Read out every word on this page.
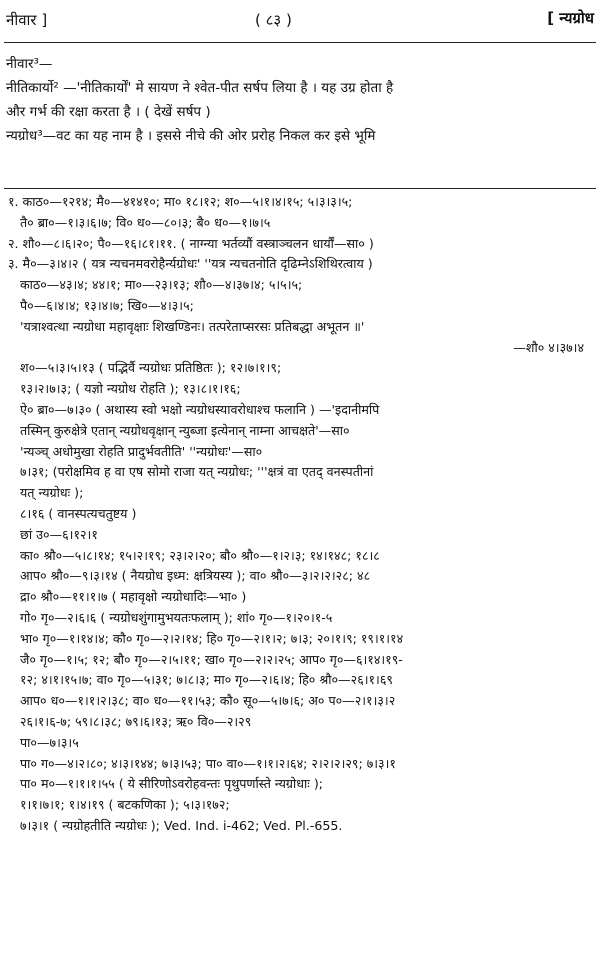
नीवार ]	( ८३ )	[ न्यग्रोध
नीवार³—
नीतिकार्यो² —'नीतिकार्यों' मे सायण ने श्वेत-पीत सर्षप लिया है । यह उग्र होता है
और गर्भ की रक्षा करता है । ( देखें सर्षप )
न्यग्रोध³—वट का यह नाम है । इससे नीचे की ओर प्ररोह निकल कर इसे भूमि
१. काठ०—१२१४; मै०—४१४१०; मा० १८।१२; श०—५।१।४।१५; ५।३।३।५;
तै० ब्रा०—१।३।६।७; वि० ध०—८०।३; बै० ध०—१।७।५
२. शौ०—८।६।२०; पै०—१६।८१।११. ( नाग्न्या भर्तव्यौं वस्त्राञ्चलन धार्यौं—सा० )
३. मै०—३।४।२ ( यत्र न्यचनमवरोहैर्न्यग्रोधः' ''यत्र न्यचतनोति दृढिम्नेऽशिथिरत्वाय )
काठ०—४३।४; ४४।१; मा०—२३।१३; शौ०—४।३७।४; ५।५।५;
पै०—६।४।४; १३।४।७; खि०—४।३।५;
'यत्राश्वत्था न्यग्रोधा महावृक्षाः शिखण्डिनः। तत्परेताप्सरसः प्रतिबद्धा अभूतन ॥'
—शौ० ४।३७।४
श०—५।३।५।१३ ( पद्भिर्वै न्यग्रोधः प्रतिष्ठितः ); १२।७।१।९;
१३।२।७।३; ( यज्ञो न्यग्रोध रोहति ); १३।८।१।१६;
ऐ० ब्रा०—७।३० ( अथास्य स्वो भक्षो न्यग्रोधस्यावरोधाश्च फलानि ) —'इदानीमपि
तस्मिन् कुरुक्षेत्रे एतान् न्यग्रोधवृक्षान् न्युब्जा इत्येनान् नाम्ना आचक्षते'—सा०
'न्यञ्च् अधोमुखा रोहति प्रादुर्भवतीति' ''न्यग्रोधः'—सा०
७।३१; (परोक्षमिव ह वा एष सोमो राजा यत् न्यग्रोधः; '''क्षत्रं वा एतद् वनस्पतीनां
यत् न्यग्रोधः );
८।१६ ( वानस्पत्यचतुष्टय )
छां उ०—६।१२।१
का० श्रौ०—५।८।१४; १५।२।१९; २३।२।२०; बौ० श्रौ०—१।२।३; १४।१४८; १८।८
आप० श्रौ०—९।३।१४ ( नैयग्रोध इध्म: क्षत्रियस्य ); वा० श्रौ०—३।२।२।२८; ४८
द्रा० श्रौ०—११।१।७ ( महावृक्षो न्यग्रोधादिः—भा० )
गो० गृ०—२।६।६ ( न्यग्रोधशुंगामुभयतःफलाम् ); शां० गृ०—१।२०।१-५
भा० गृ०—१।१४।४; कौ० गृ०—२।२।१४; हि० गृ०—२।१।२; ७।३; २०।१।९; १९।१।१४
जै० गृ०—१।५; १२; बौ० गृ०—२।५।११; खा० गृ०—२।२।२५; आप० गृ०—६।१४।१९-
१२; ४।१।१५।७; वा० गृ०—५।३१; ७।८।३; मा० गृ०—२।६।४; हि० श्रौ०—२६।१।६९
आप० ध०—१।१।२।३८; वा० ध०—११।५३; कौ० सू०—५।७।६; अ० प०—२।१।३।२
२६।१।६-७; ५९।८।३८; ७९।६।१३; ऋ० वि०—२।२९
पा०—७।३।५
पा० ग०—४।२।८०; ४।३।१४४; ७।३।५३; पा० वा०—१।१।२।६४; २।२।२।२९; ७।३।१
पा० म०—१।१।१।५५ ( ये सीरिणोऽवरोहवन्तः पृथुपर्णास्ते न्यग्रोधाः );
१।१।७।१; १।४।१९ ( बटकणिका ); ५।३।१७२;
७।३।१ ( न्यग्रोहतीति न्यग्रोधः ); Ved. Ind. i-462; Ved. Pl.-655.
